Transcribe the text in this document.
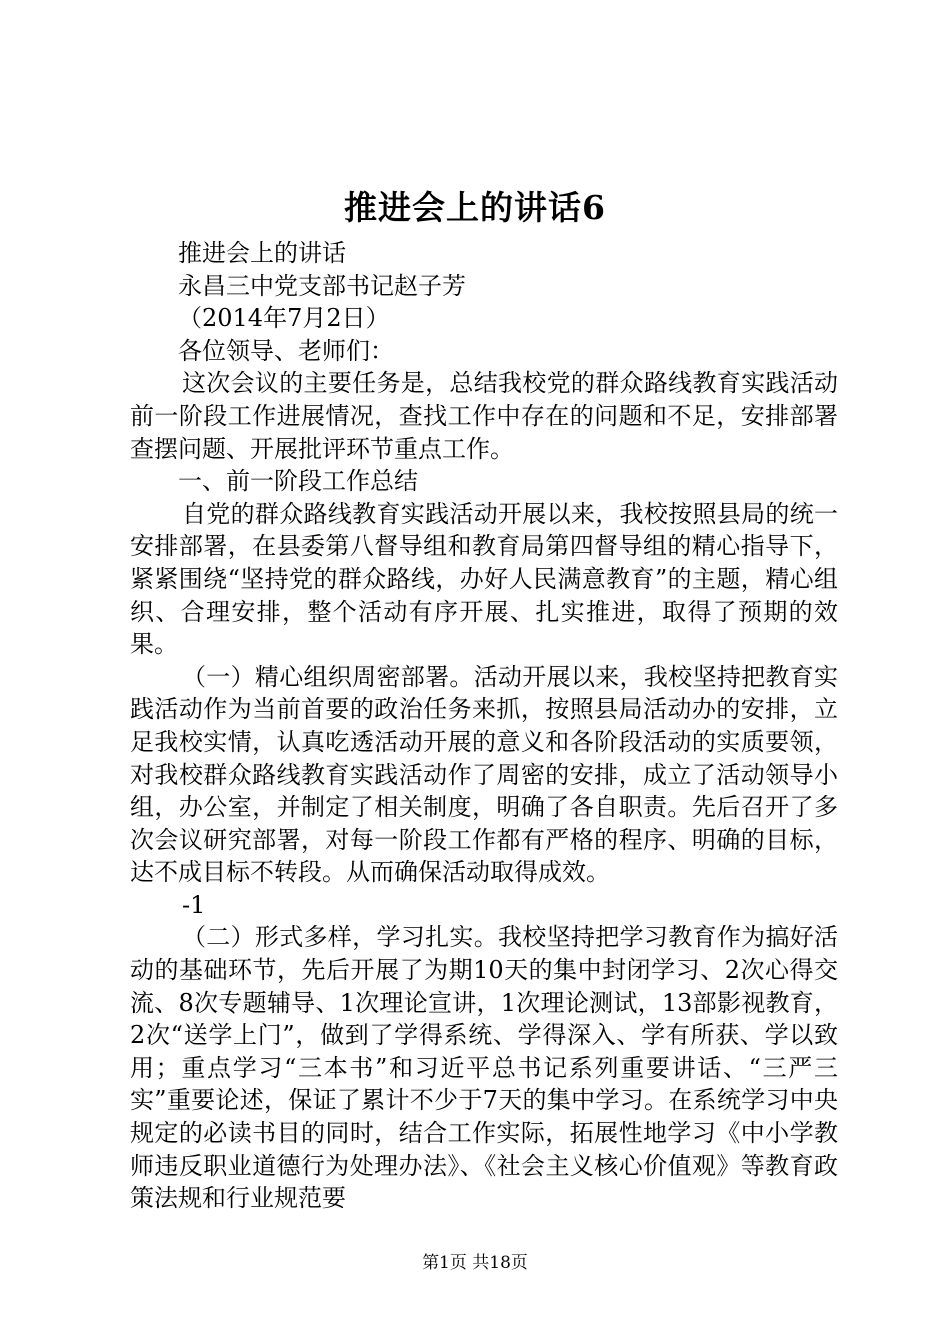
推进会上的讲话6

推进会上的讲话

永昌三中党支部书记赵子芳

（2014年7月2日）

各位领导、老师们：

这次会议的主要任务是，总结我校党的群众路线教育实践活动前一阶段工作进展情况，查找工作中存在的问题和不足，安排部署查摆问题、开展批评环节重点工作。

一、前一阶段工作总结

自党的群众路线教育实践活动开展以来，我校按照县局的统一安排部署，在县委第八督导组和教育局第四督导组的精心指导下，紧紧围绕“坚持党的群众路线，办好人民满意教育”的主题，精心组织、合理安排，整个活动有序开展、扎实推进，取得了预期的效果。

（一）精心组织周密部署。活动开展以来，我校坚持把教育实践活动作为当前首要的政治任务来抓，按照县局活动办的安排，立足我校实情，认真吃透活动开展的意义和各阶段活动的实质要领，对我校群众路线教育实践活动作了周密的安排，成立了活动领导小组，办公室，并制定了相关制度，明确了各自职责。先后召开了多次会议研究部署，对每一阶段工作都有严格的程序、明确的目标，达不成目标不转段。从而确保活动取得成效。

-1

（二）形式多样，学习扎实。我校坚持把学习教育作为搞好活动的基础环节，先后开展了为期10天的集中封闭学习、2次心得交流、8次专题辅导、1次理论宣讲，1次理论测试，13部影视教育，2次“送学上门”，做到了学得系统、学得深入、学有所获、学以致用；重点学习“三本书”和习近平总书记系列重要讲话、“三严三实”重要论述，保证了累计不少于7天的集中学习。在系统学习中央规定的必读书目的同时，结合工作实际，拓展性地学习《中小学教师违反职业道德行为处理办法》、《社会主义核心价值观》等教育政策法规和行业规范要

第1页 共18页
